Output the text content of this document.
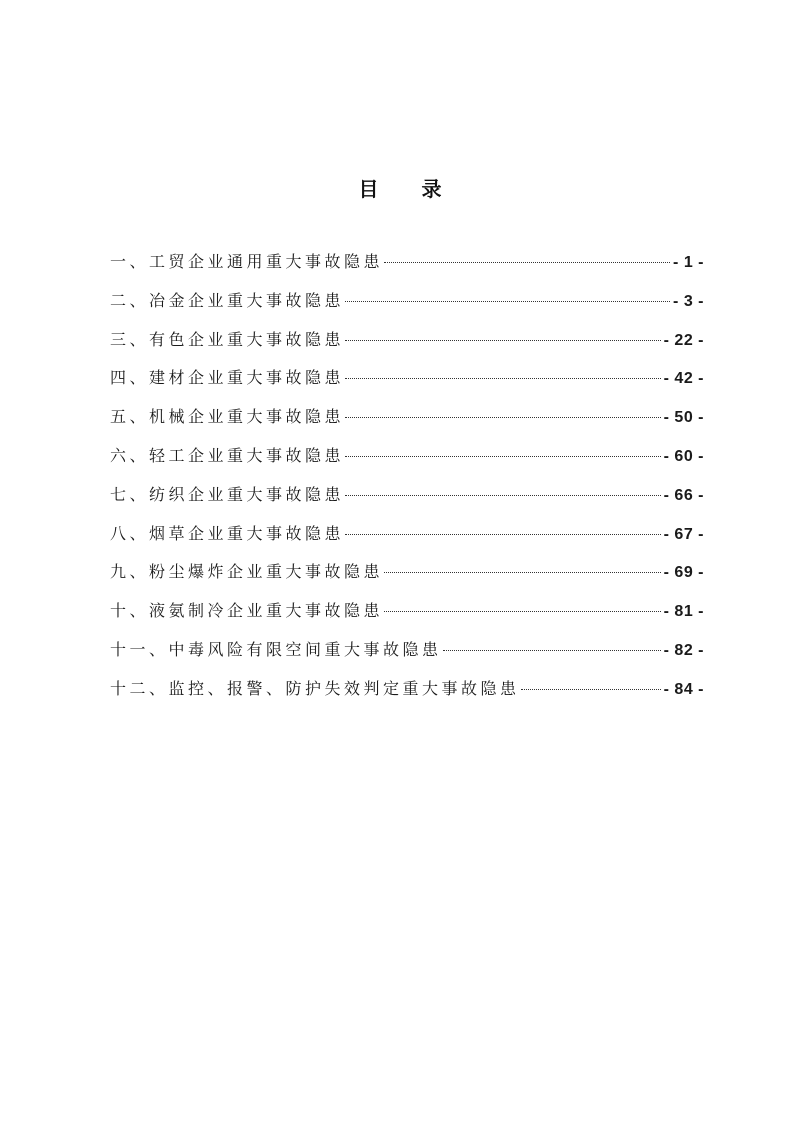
目 录
一、工贸企业通用重大事故隐患	- 1 -
二、冶金企业重大事故隐患	- 3 -
三、有色企业重大事故隐患	- 22 -
四、建材企业重大事故隐患	- 42 -
五、机械企业重大事故隐患	- 50 -
六、轻工企业重大事故隐患	- 60 -
七、纺织企业重大事故隐患	- 66 -
八、烟草企业重大事故隐患	- 67 -
九、粉尘爆炸企业重大事故隐患	- 69 -
十、液氨制冷企业重大事故隐患	- 81 -
十一、中毒风险有限空间重大事故隐患	- 82 -
十二、监控、报警、防护失效判定重大事故隐患	- 84 -
